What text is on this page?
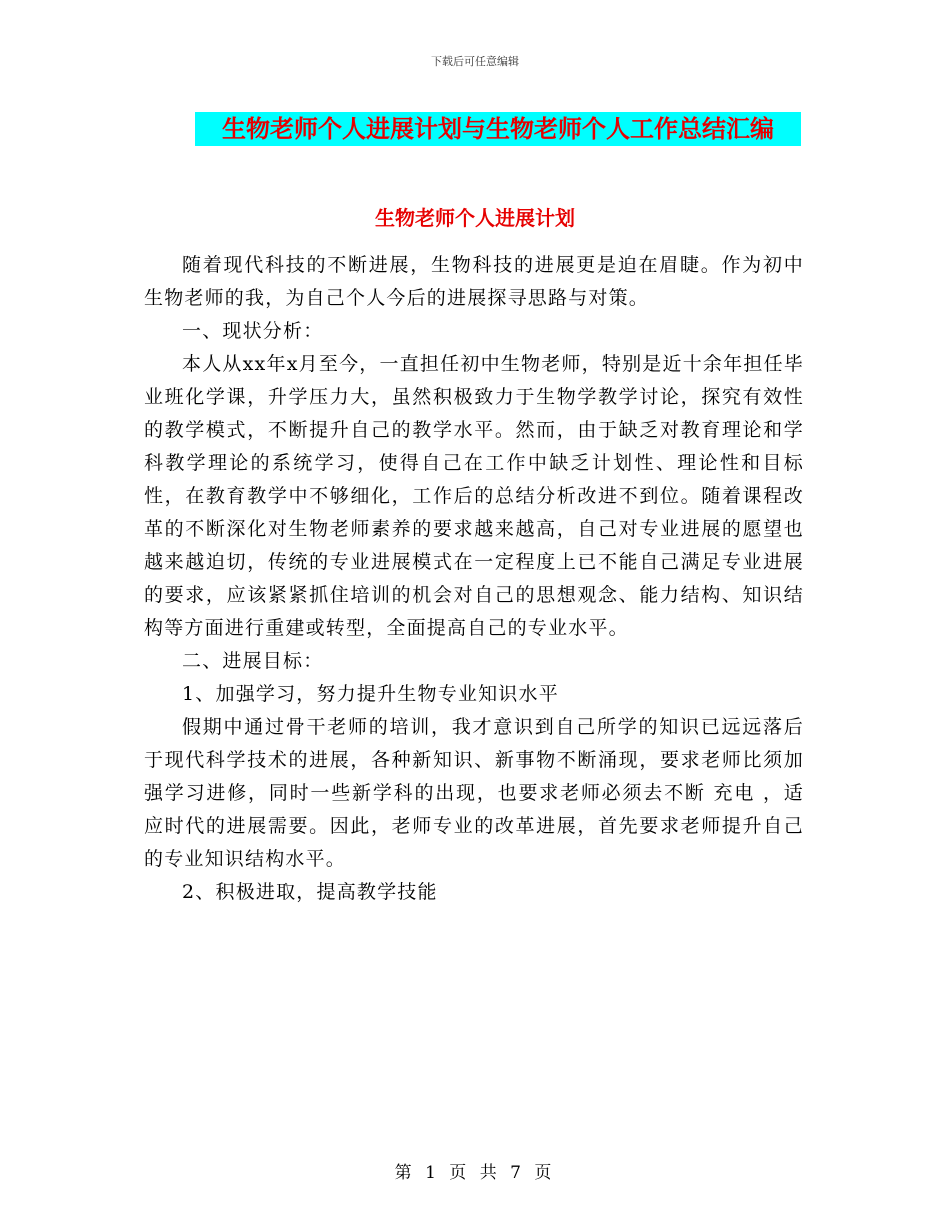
下载后可任意编辑
生物老师个人进展计划与生物老师个人工作总结汇编
生物老师个人进展计划

随着现代科技的不断进展，生物科技的进展更是迫在眉睫。作为初中生物老师的我，为自己个人今后的进展探寻思路与对策。

一、现状分析：

本人从xx年x月至今，一直担任初中生物老师，特别是近十余年担任毕业班化学课，升学压力大，虽然积极致力于生物学教学讨论，探究有效性的教学模式，不断提升自己的教学水平。然而，由于缺乏对教育理论和学科教学理论的系统学习，使得自己在工作中缺乏计划性、理论性和目标性，在教育教学中不够细化，工作后的总结分析改进不到位。随着课程改革的不断深化对生物老师素养的要求越来越高，自己对专业进展的愿望也越来越迫切，传统的专业进展模式在一定程度上已不能自己满足专业进展的要求，应该紧紧抓住培训的机会对自己的思想观念、能力结构、知识结构等方面进行重建或转型，全面提高自己的专业水平。

二、进展目标：

1、加强学习，努力提升生物专业知识水平

假期中通过骨干老师的培训，我才意识到自己所学的知识已远远落后于现代科学技术的进展，各种新知识、新事物不断涌现，要求老师比须加强学习进修，同时一些新学科的出现，也要求老师必须去不断 充电 ，适应时代的进展需要。因此，老师专业的改革进展，首先要求老师提升自己的专业知识结构水平。

2、积极进取，提高教学技能

第 1 页 共 7 页
